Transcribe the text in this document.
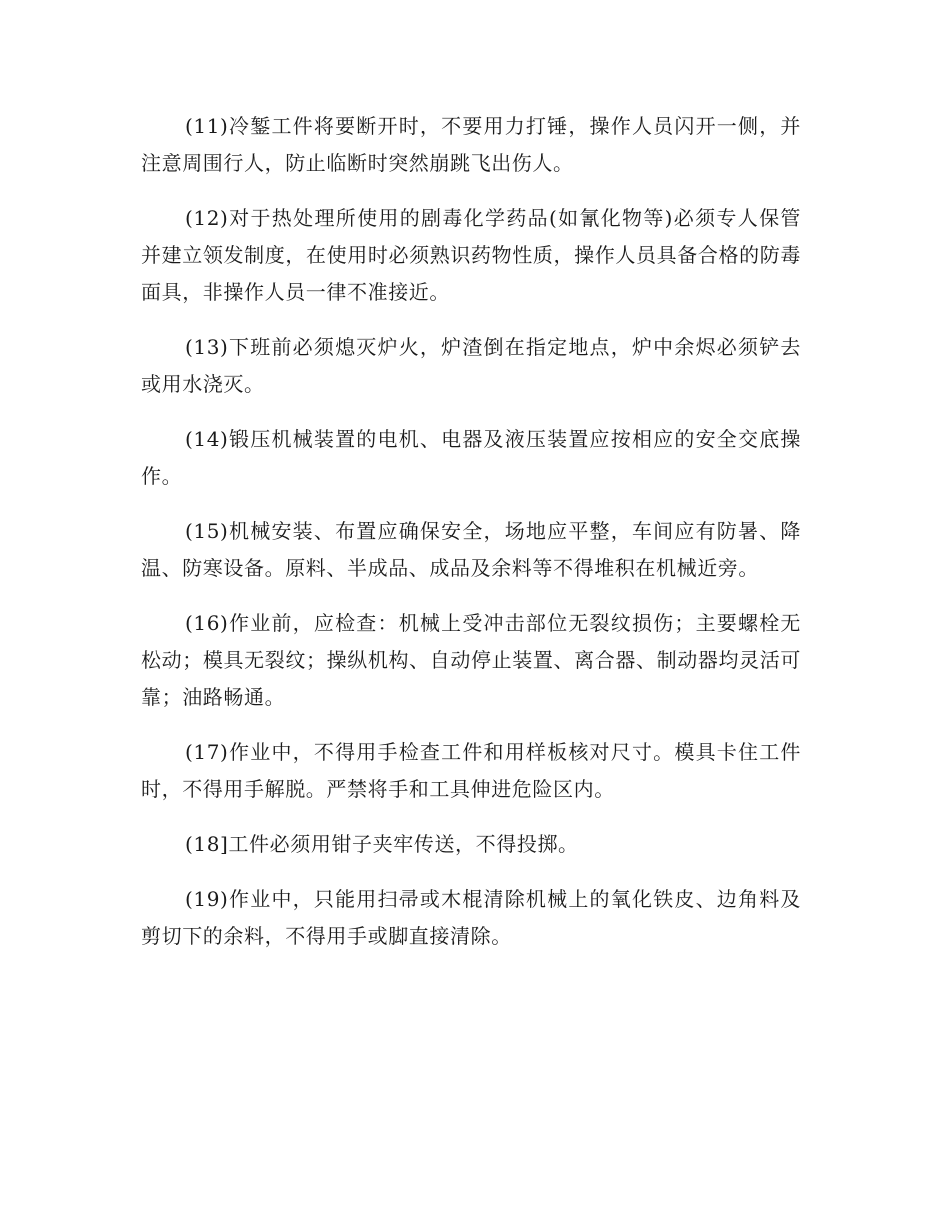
(11)冷錾工件将要断开时，不要用力打锤，操作人员闪开一侧，并注意周围行人，防止临断时突然崩跳飞出伤人。

(12)对于热处理所使用的剧毒化学药品(如氰化物等)必须专人保管并建立领发制度，在使用时必须熟识药物性质，操作人员具备合格的防毒面具，非操作人员一律不准接近。

(13)下班前必须熄灭炉火，炉渣倒在指定地点，炉中余烬必须铲去或用水浇灭。

(14)锻压机械装置的电机、电器及液压装置应按相应的安全交底操作。

(15)机械安装、布置应确保安全，场地应平整，车间应有防暑、降温、防寒设备。原料、半成品、成品及余料等不得堆积在机械近旁。

(16)作业前，应检查：机械上受冲击部位无裂纹损伤；主要螺栓无松动；模具无裂纹；操纵机构、自动停止装置、离合器、制动器均灵活可靠；油路畅通。

(17)作业中，不得用手检查工件和用样板核对尺寸。模具卡住工件时，不得用手解脱。严禁将手和工具伸进危险区内。

(18]工件必须用钳子夹牢传送，不得投掷。

(19)作业中，只能用扫帚或木棍清除机械上的氧化铁皮、边角料及剪切下的余料，不得用手或脚直接清除。
